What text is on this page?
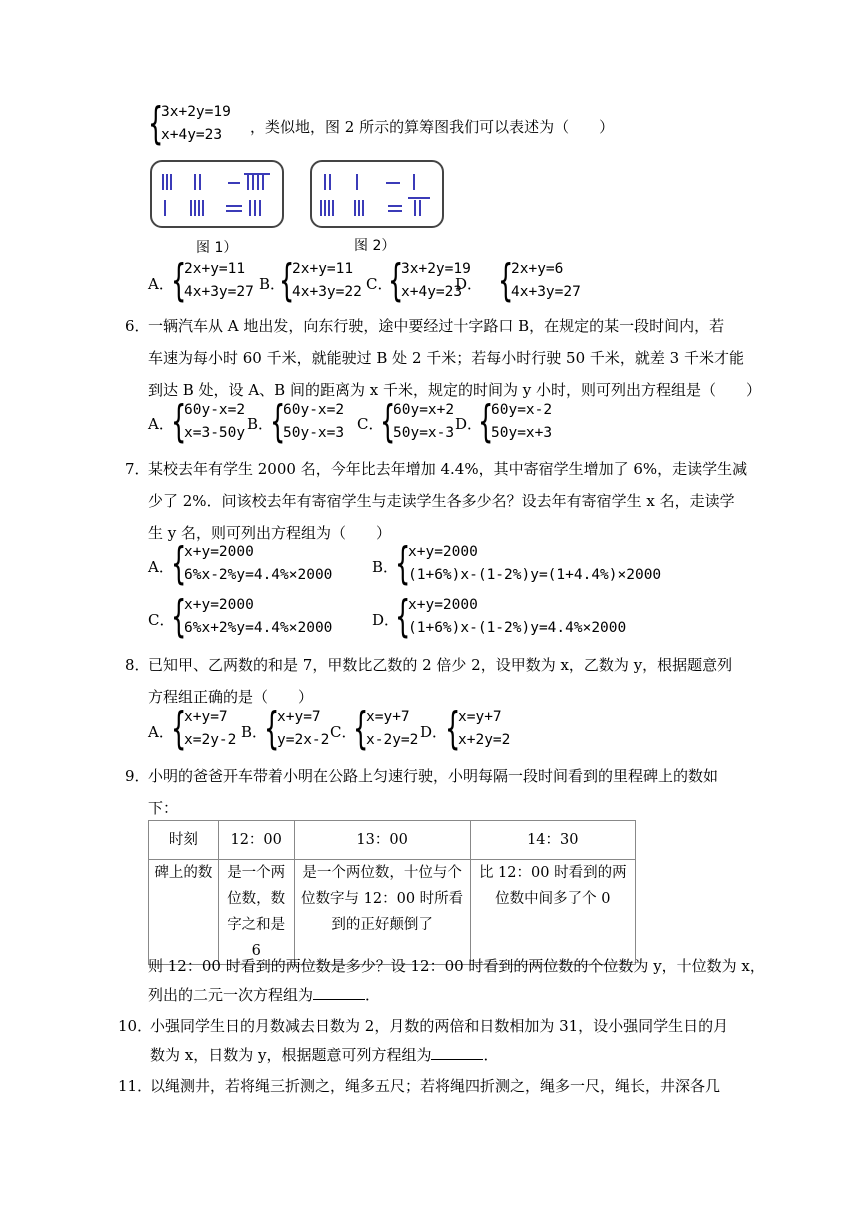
{
3x+2y=19
x+4y=23 ，类似地，图 2 所示的算筹图我们可以表述为（　　）
图 1）	图 2）
A．
{
2x+y=11
4x+3y=27 B．
{
2x+y=11
4x+3y=22 C．
{
3x+2y=19
x+4y=23
D． {
2x+y=6
4x+3y=27
6．
一辆汽车从 A 地出发，向东行驶，途中要经过十字路口 B，在规定的某一段时间内，若
车速为每小时 60 千米，就能驶过 B 处 2 千米；若每小时行驶 50 千米，就差 3 千米才能
到达 B 处，设 A、B 间的距离为 x 千米，规定的时间为 y 小时，则可列出方程组是（　　）
A．
{
60y-x=2
x=3-50y B．
{
60y-x=2
50y-x=3 C．
{
60y=x+2
50y=x-3 D．
{
60y=x-2
50y=x+3
7．
某校去年有学生 2000 名，今年比去年增加 4.4%，其中寄宿学生增加了 6%，走读学生减
少了 2%．问该校去年有寄宿学生与走读学生各多少名？设去年有寄宿学生 x 名，走读学
生 y 名，则可列出方程组为（　　）
A．
{
x+y=2000
6%x-2%y=4.4%×2000	B．
{
x+y=2000
(1+6%)x-(1-2%)y=(1+4.4%)×2000
C．
{
x+y=2000
6%x+2%y=4.4%×2000	D．
{
x+y=2000
(1+6%)x-(1-2%)y=4.4%×2000
8．
已知甲、乙两数的和是 7，甲数比乙数的 2 倍少 2，设甲数为 x，乙数为 y，根据题意列
方程组正确的是（　　）
A．
{
x+y=7
x=2y-2 B．
{
x+y=7
y=2x-2 C．
{
x=y+7
x-2y=2 D．
{
x=y+7
x+2y=2
9．
小明的爸爸开车带着小明在公路上匀速行驶，小明每隔一段时间看到的里程碑上的数如
下：
时刻	12：00	13：00	14：30
碑上的数	是一个两位数，数字之和是 6	是一个两位数，十位与个位数字与 12：00 时所看到的正好颠倒了	比 12：00 时看到的两位数中间多了个 0
则 12：00 时看到的两位数是多少？设 12：00 时看到的两位数的个位数为 y，十位数为 x，
列出的二元一次方程组为	．
10．
小强同学生日的月数减去日数为 2，月数的两倍和日数相加为 31，设小强同学生日的月
数为 x，日数为 y，根据题意可列方程组为	．
11．
以绳测井，若将绳三折测之，绳多五尺；若将绳四折测之，绳多一尺，绳长，井深各几
